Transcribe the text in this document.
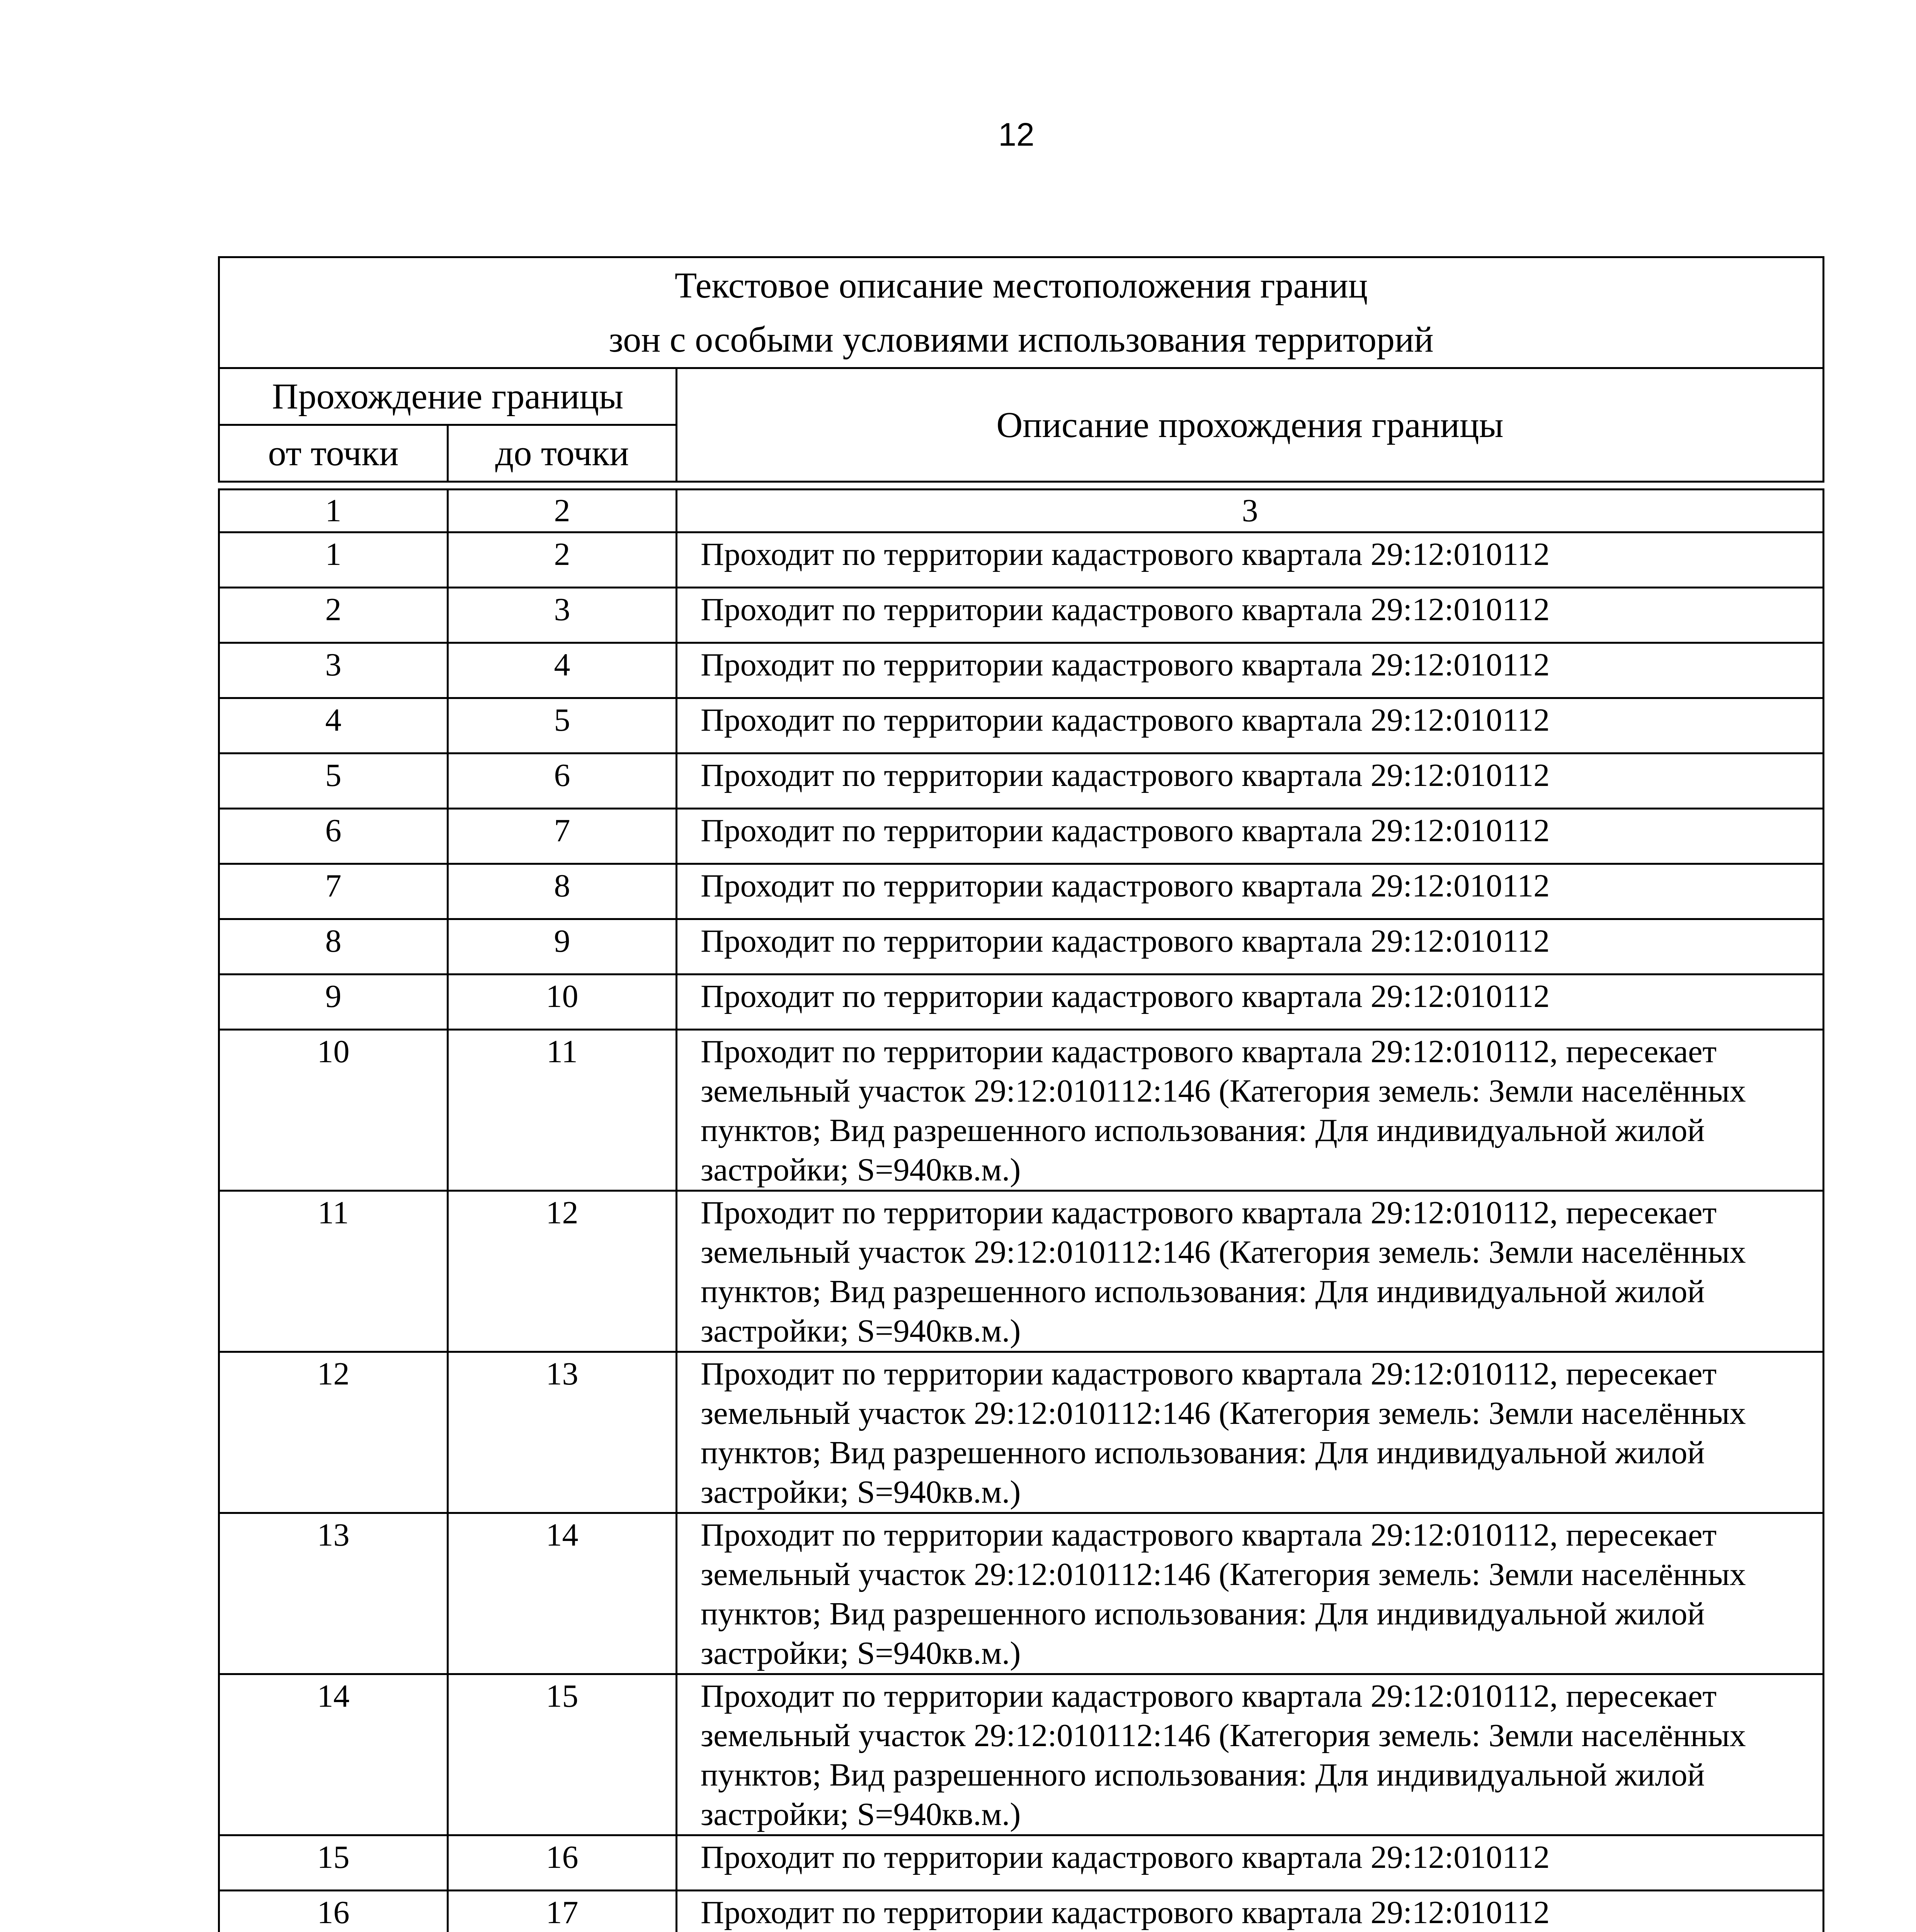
12
Текстовое описание местоположения границ
зон с особыми условиями использования территорий		

Прохождение границы		Описание прохождения границы
от точки	до точки	
1	2	3
1	2	Проходит по территории кадастрового квартала 29:12:010112
2	3	Проходит по территории кадастрового квартала 29:12:010112
3	4	Проходит по территории кадастрового квартала 29:12:010112
4	5	Проходит по территории кадастрового квартала 29:12:010112
5	6	Проходит по территории кадастрового квартала 29:12:010112
6	7	Проходит по территории кадастрового квартала 29:12:010112
7	8	Проходит по территории кадастрового квартала 29:12:010112
8	9	Проходит по территории кадастрового квартала 29:12:010112
9	10	Проходит по территории кадастрового квартала 29:12:010112
10	11	Проходит по территории кадастрового квартала 29:12:010112, пересекает земельный участок 29:12:010112:146 (Категория земель: Земли населённых пунктов; Вид разрешенного использования: Для индивидуальной жилой застройки; S=940кв.м.)
11	12	Проходит по территории кадастрового квартала 29:12:010112, пересекает земельный участок 29:12:010112:146 (Категория земель: Земли населённых пунктов; Вид разрешенного использования: Для индивидуальной жилой застройки; S=940кв.м.)
12	13	Проходит по территории кадастрового квартала 29:12:010112, пересекает земельный участок 29:12:010112:146 (Категория земель: Земли населённых пунктов; Вид разрешенного использования: Для индивидуальной жилой застройки; S=940кв.м.)
13	14	Проходит по территории кадастрового квартала 29:12:010112, пересекает земельный участок 29:12:010112:146 (Категория земель: Земли населённых пунктов; Вид разрешенного использования: Для индивидуальной жилой застройки; S=940кв.м.)
14	15	Проходит по территории кадастрового квартала 29:12:010112, пересекает земельный участок 29:12:010112:146 (Категория земель: Земли населённых пунктов; Вид разрешенного использования: Для индивидуальной жилой застройки; S=940кв.м.)
15	16	Проходит по территории кадастрового квартала 29:12:010112
16	17	Проходит по территории кадастрового квартала 29:12:010112
